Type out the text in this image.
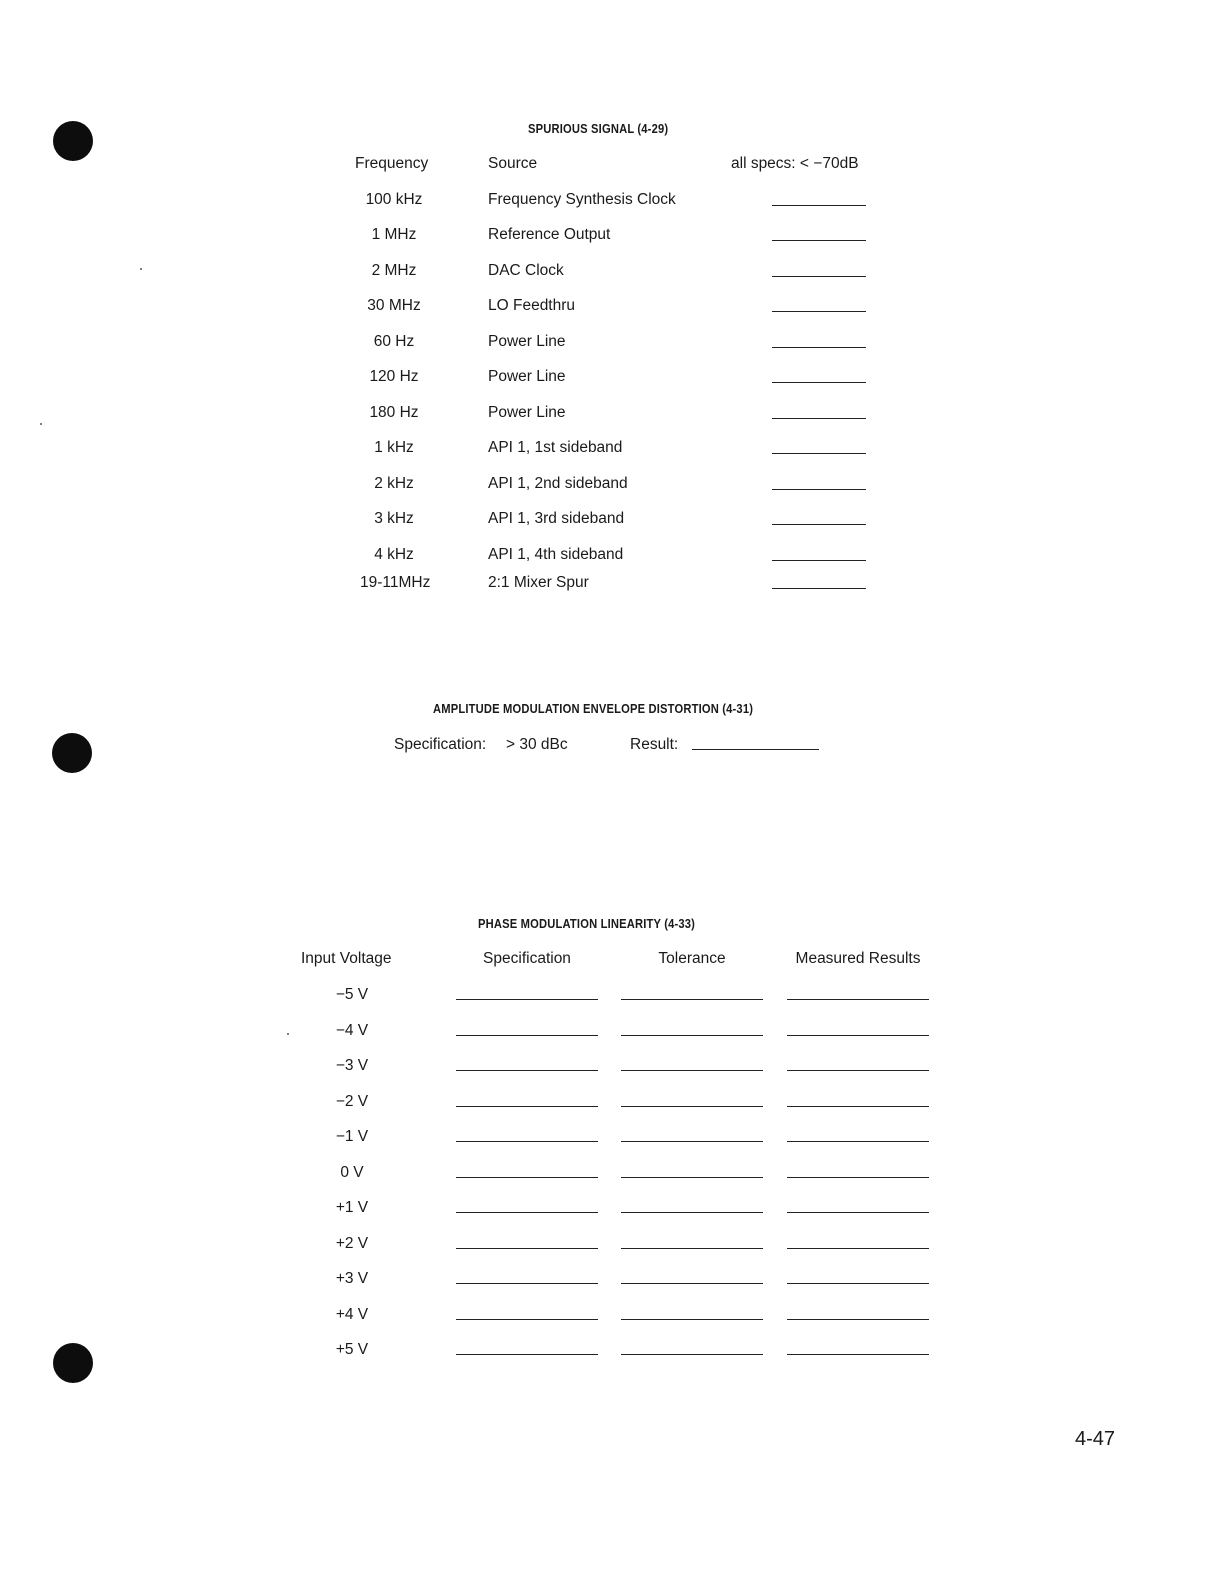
SPURIOUS SIGNAL (4-29)
Frequency	Source	all specs: < −70dB
100 kHz	Frequency Synthesis Clock
1 MHz	Reference Output
2 MHz	DAC Clock
30 MHz	LO Feedthru
60 Hz	Power Line
120 Hz	Power Line
180 Hz	Power Line
1 kHz	API 1, 1st sideband
2 kHz	API 1, 2nd sideband
3 kHz	API 1, 3rd sideband
4 kHz	API 1, 4th sideband
19-11MHz	2:1 Mixer Spur
AMPLITUDE MODULATION ENVELOPE DISTORTION (4-31)
Specification: > 30 dBc	Result:
PHASE MODULATION LINEARITY (4-33)
Input Voltage	Specification	Tolerance	Measured Results
−5 V
−4 V
−3 V
−2 V
−1 V
0 V
+1 V
+2 V
+3 V
+4 V
+5 V
4-47
